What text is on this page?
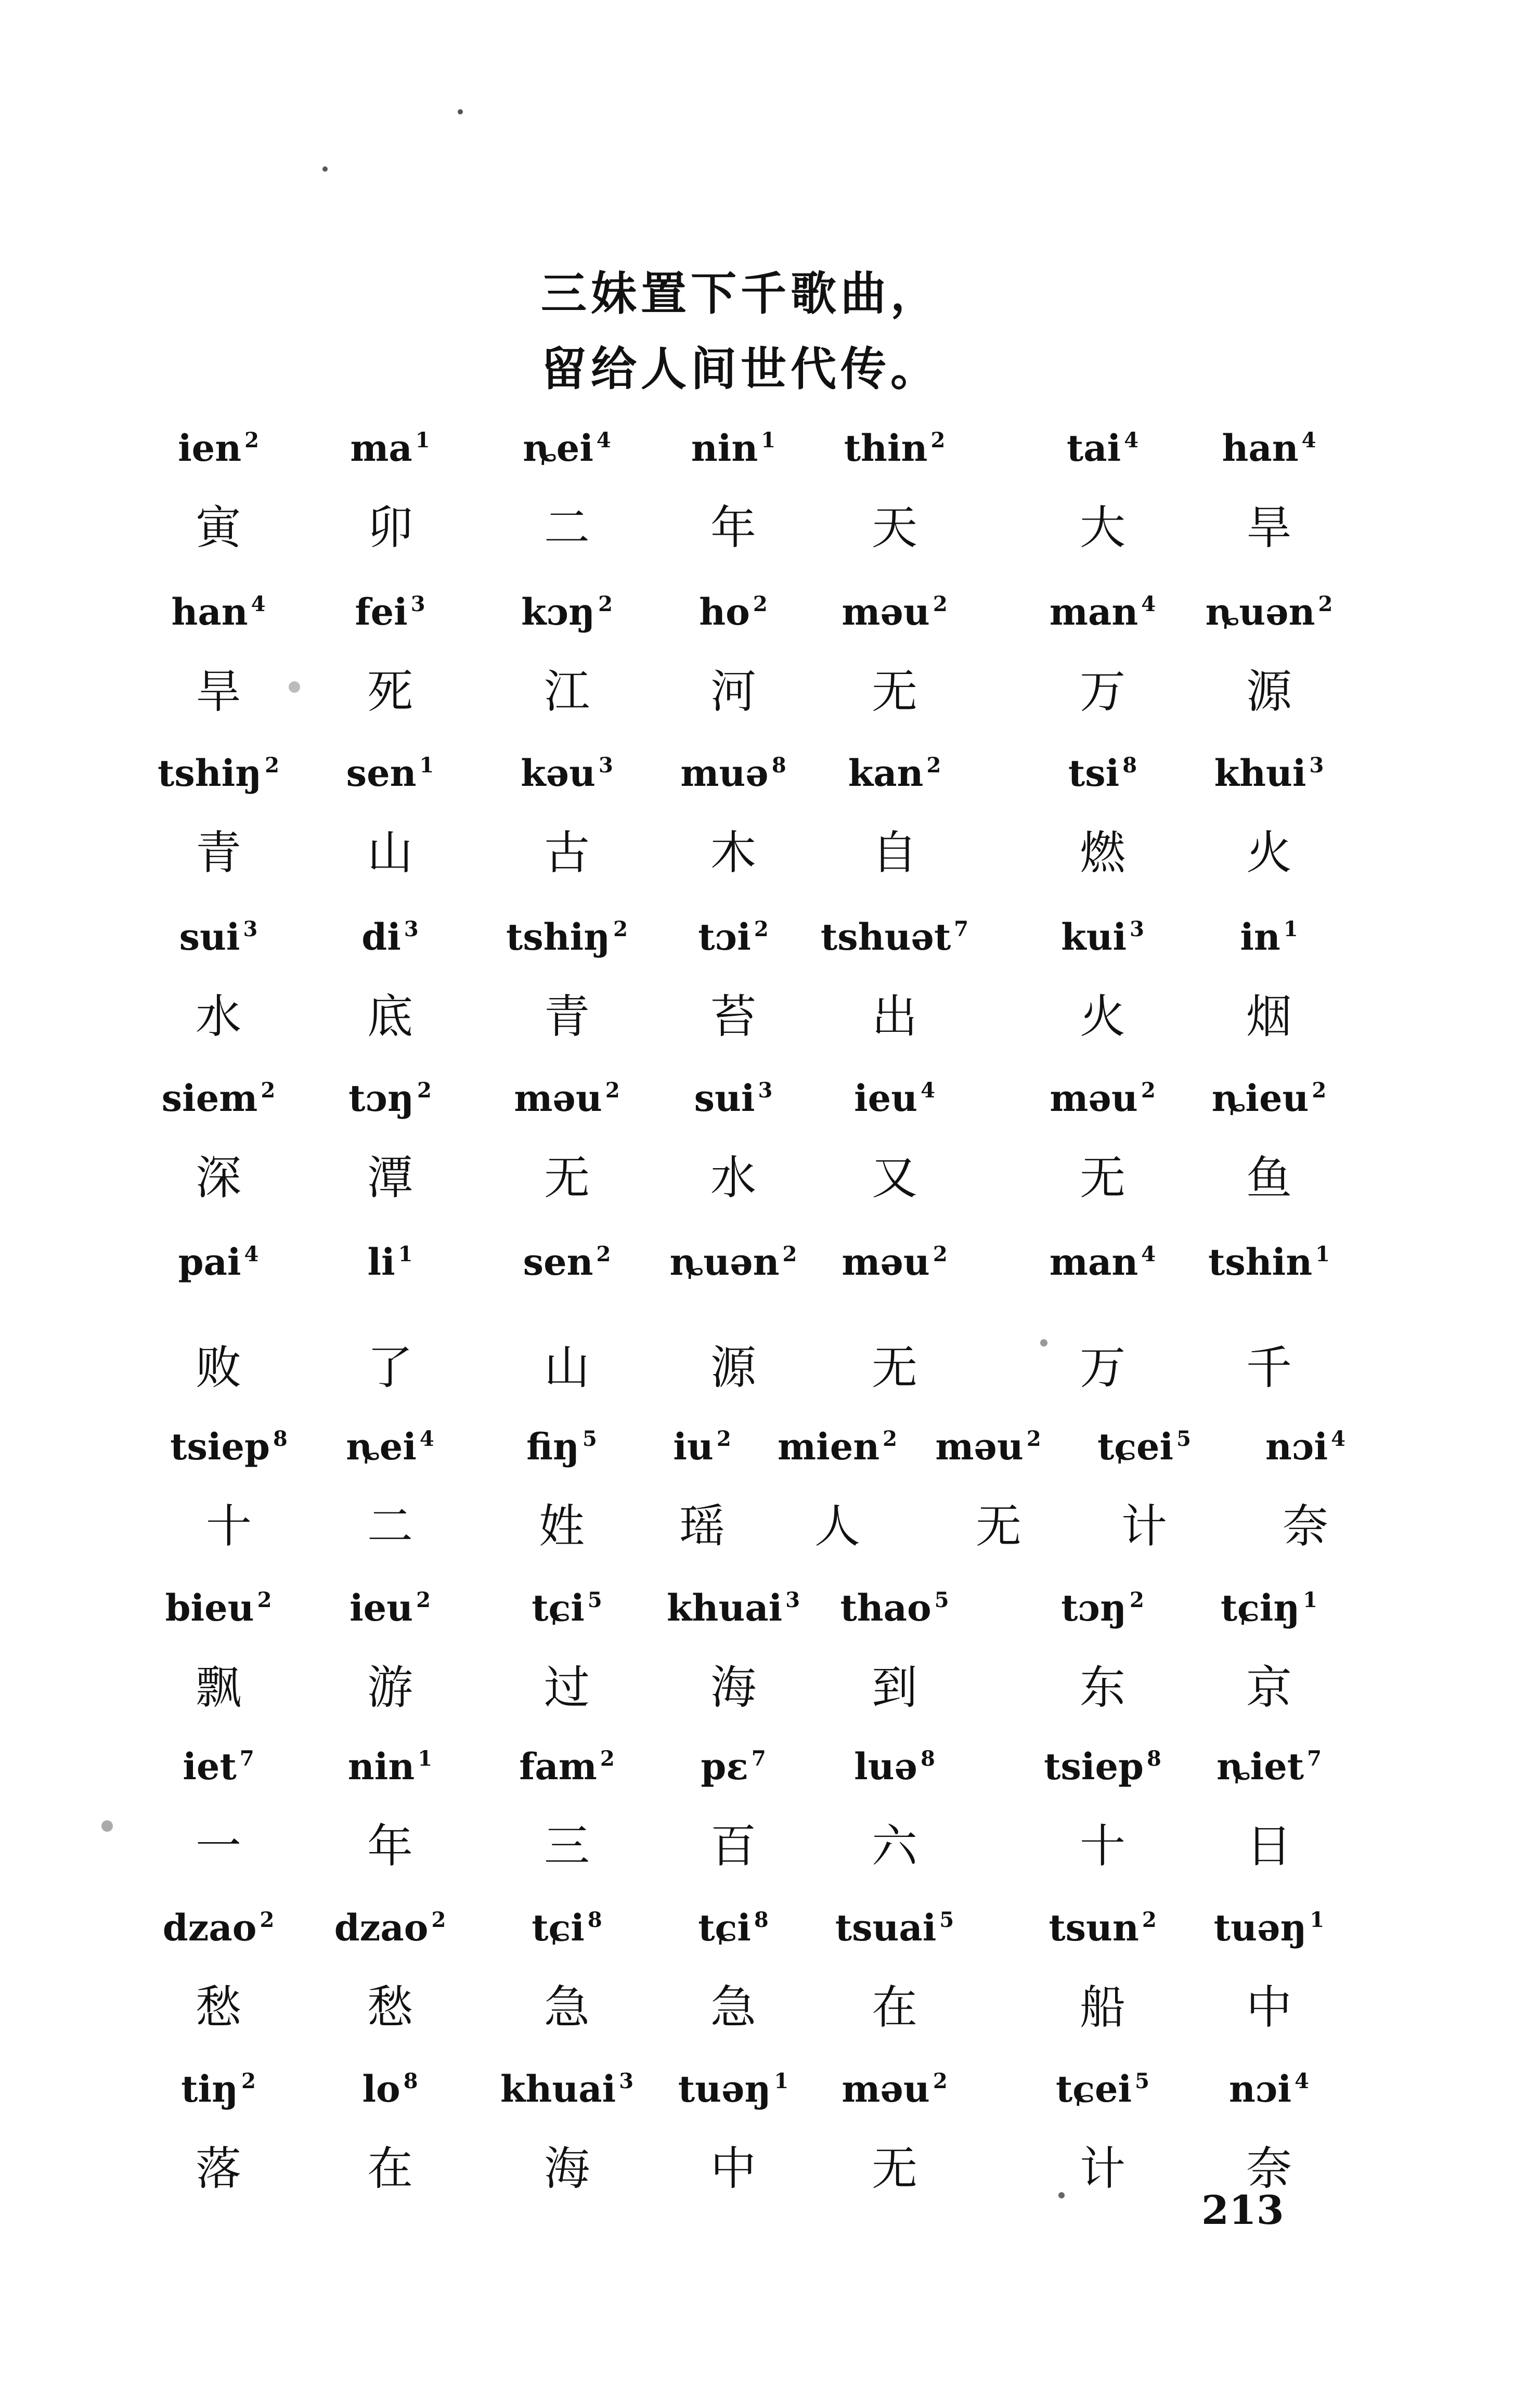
三妹置下千歌曲，
留给人间世代传。
ien $^2$
寅
ma $^1$
卯
ȵei $^4$
二
nin $^1$
年
thin $^2$
天
tai $^4$
大
han $^4$
旱
han $^4$
旱
fei $^3$
死
kɔŋ $^2$
江
ho $^2$
河
məu $^2$
无
man $^4$
万
ȵuən $^2$
源
tshiŋ $^2$
青
sen $^1$
山
kəu $^3$
古
muə $^8$
木
kan $^2$
自
tsi $^8$
燃
khui $^3$
火
sui $^3$
水
di $^3$
底
tshiŋ $^2$
青
tɔi $^2$
苔
tshuət $^7$
出
kui $^3$
火
in $^1$
烟
siem $^2$
深
tɔŋ $^2$
潭
məu $^2$
无
sui $^3$
水
ieu $^4$
又
məu $^2$
无
ȵieu $^2$
鱼
pai $^4$
败
li $^1$
了
sen $^2$
山
ȵuən $^2$
源
məu $^2$
无
man $^4$
万
tshin $^1$
千
tsiep $^8$
十
ȵei $^4$
二
fiŋ $^5$
姓
iu $^2$
瑶
mien $^2$
人
məu $^2$
无
tɕei $^5$
计
nɔi $^4$
奈
bieu $^2$
飘
ieu $^2$
游
tɕi $^5$
过
khuai $^3$
海
thao $^5$
到
tɔŋ $^2$
东
tɕiŋ $^1$
京
iet $^7$
一
nin $^1$
年
fam $^2$
三
pɛ $^7$
百
luə $^8$
六
tsiep $^8$
十
ȵiet $^7$
日
dzao $^2$
愁
dzao $^2$
愁
tɕi $^8$
急
tɕi $^8$
急
tsuai $^5$
在
tsun $^2$
船
tuəŋ $^1$
中
tiŋ $^2$
落
lo $^8$
在
khuai $^3$
海
tuəŋ $^1$
中
məu $^2$
无
tɕei $^5$
计
nɔi $^4$
奈
213
